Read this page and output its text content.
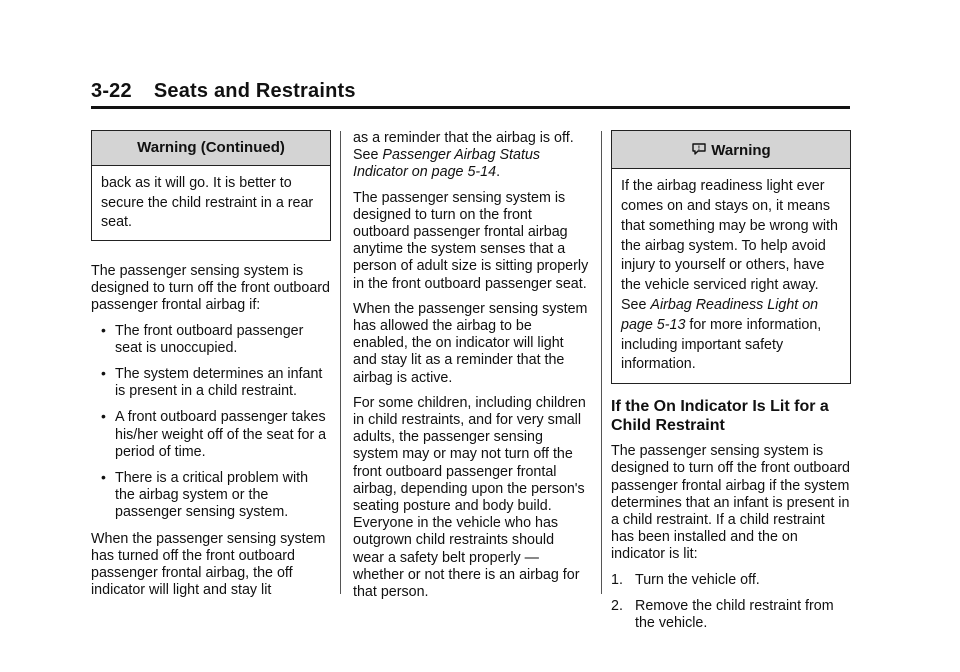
3-22 Seats and Restraints
Warning (Continued)
back as it will go. It is better to secure the child restraint in a rear seat.

The passenger sensing system is designed to turn off the front outboard passenger frontal airbag if:

• The front outboard passenger seat is unoccupied.
• The system determines an infant is present in a child restraint.
• A front outboard passenger takes his/her weight off of the seat for a period of time.
• There is a critical problem with the airbag system or the passenger sensing system.

When the passenger sensing system has turned off the front outboard passenger frontal airbag, the off indicator will light and stay lit

as a reminder that the airbag is off. See Passenger Airbag Status Indicator on page 5-14.

The passenger sensing system is designed to turn on the front outboard passenger frontal airbag anytime the system senses that a person of adult size is sitting properly in the front outboard passenger seat.

When the passenger sensing system has allowed the airbag to be enabled, the on indicator will light and stay lit as a reminder that the airbag is active.

For some children, including children in child restraints, and for very small adults, the passenger sensing system may or may not turn off the front outboard passenger frontal airbag, depending upon the person's seating posture and body build. Everyone in the vehicle who has outgrown child restraints should wear a safety belt properly — whether or not there is an airbag for that person.

! Warning
If the airbag readiness light ever comes on and stays on, it means that something may be wrong with the airbag system. To help avoid injury to yourself or others, have the vehicle serviced right away. See Airbag Readiness Light on page 5-13 for more information, including important safety information.
If the On Indicator Is Lit for a Child Restraint

The passenger sensing system is designed to turn off the front outboard passenger frontal airbag if the system determines that an infant is present in a child restraint. If a child restraint has been installed and the on indicator is lit:

1. Turn the vehicle off.
2. Remove the child restraint from the vehicle.
